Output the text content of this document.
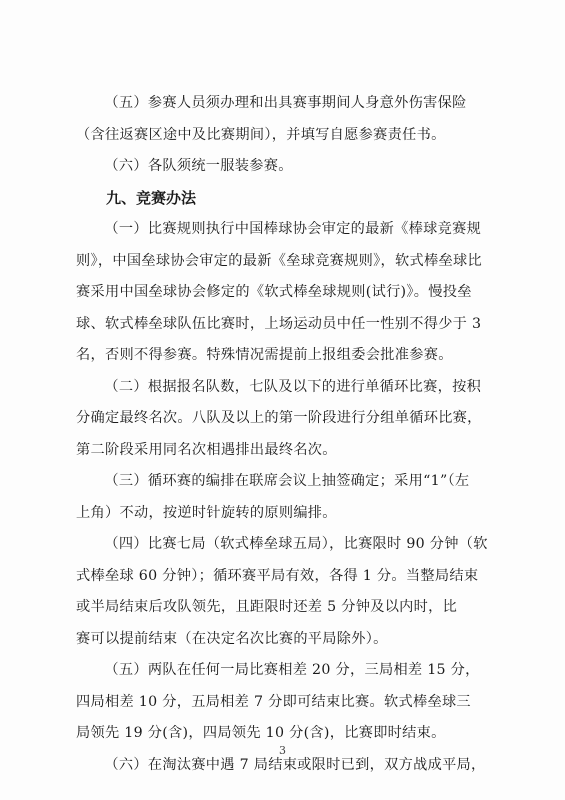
（五）参赛人员须办理和出具赛事期间人身意外伤害保险
（含往返赛区途中及比赛期间），并填写自愿参赛责任书。

（六）各队须统一服装参赛。

九、竞赛办法

（一）比赛规则执行中国棒球协会审定的最新《棒球竞赛规
则》，中国垒球协会审定的最新《垒球竞赛规则》，软式棒垒球比
赛采用中国垒球协会修定的《软式棒垒球规则(试行)》。慢投垒
球、软式棒垒球队伍比赛时，上场运动员中任一性别不得少于 3
名，否则不得参赛。特殊情况需提前上报组委会批准参赛。

（二）根据报名队数，七队及以下的进行单循环比赛，按积
分确定最终名次。八队及以上的第一阶段进行分组单循环比赛，
第二阶段采用同名次相遇排出最终名次。

（三）循环赛的编排在联席会议上抽签确定；采用“1”（左
上角）不动，按逆时针旋转的原则编排。

（四）比赛七局（软式棒垒球五局），比赛限时 90 分钟（软
式棒垒球 60 分钟）；循环赛平局有效，各得 1 分。当整局结束
或半局结束后攻队领先，且距限时还差 5 分钟及以内时，比
赛可以提前结束（在决定名次比赛的平局除外）。

（五）两队在任何一局比赛相差 20 分，三局相差 15 分，
四局相差 10 分，五局相差 7 分即可结束比赛。软式棒垒球三
局领先 19 分(含)，四局领先 10 分(含)，比赛即时结束。

（六）在淘汰赛中遇 7 局结束或限时已到，双方战成平局，

3
